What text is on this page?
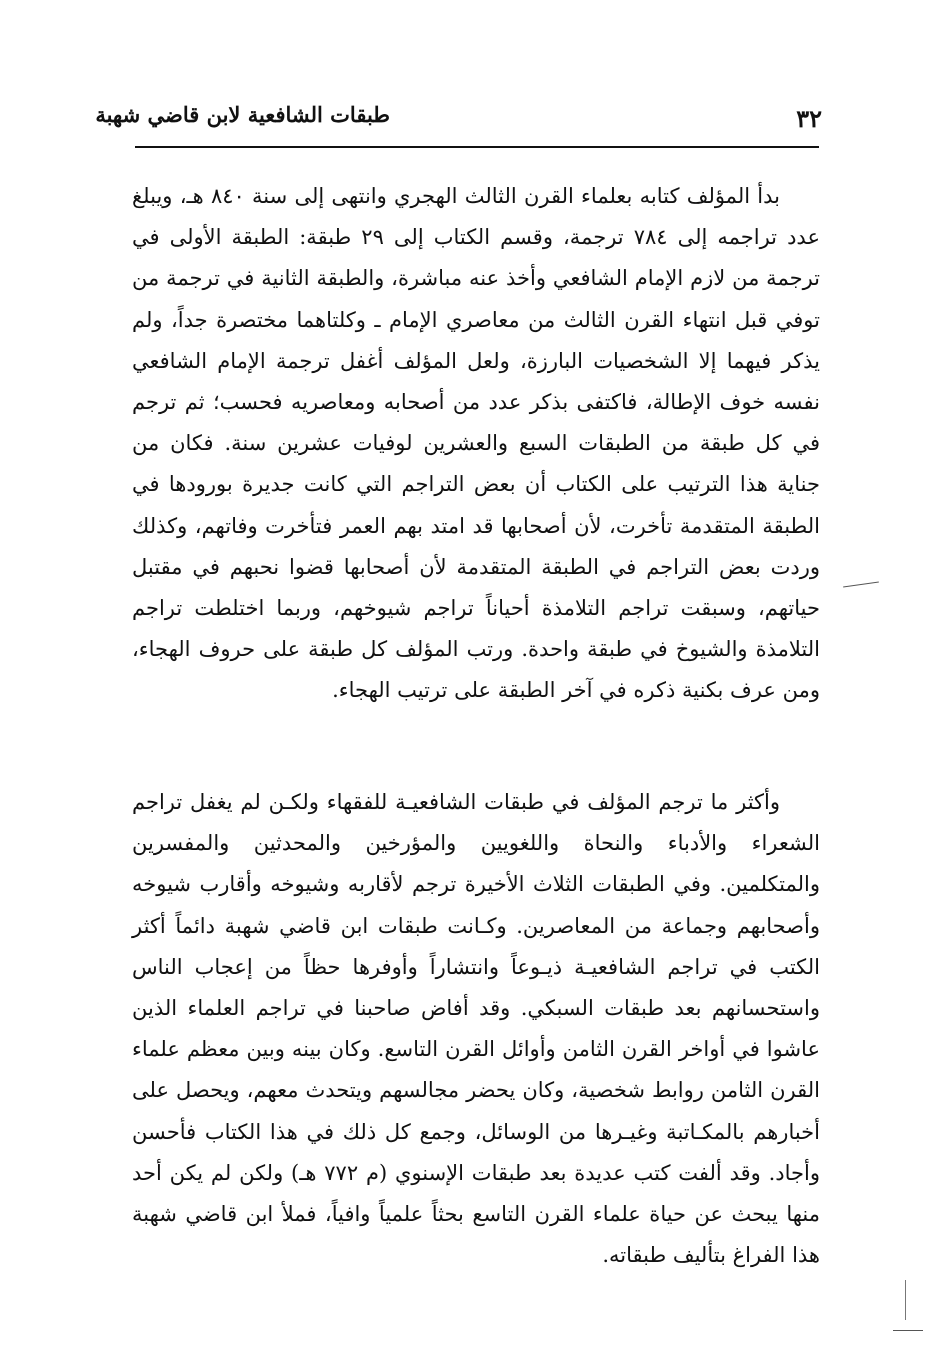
طبقات الشافعية لابن قاضي شهبة	٣٢

بدأ المؤلف كتابه بعلماء القرن الثالث الهجري وانتهى إلى سنة ٨٤٠ هـ، ويبلغ عدد تراجمه إلى ٧٨٤ ترجمة، وقسم الكتاب إلى ٢٩ طبقة: الطبقة الأولى في ترجمة من لازم الإمام الشافعي وأخذ عنه مباشرة، والطبقة الثانية في ترجمة من توفي قبل انتهاء القرن الثالث من معاصري الإمام ـ وكلتاهما مختصرة جداً، ولم يذكر فيهما إلا الشخصيات البارزة، ولعل المؤلف أغفل ترجمة الإمام الشافعي نفسه خوف الإطالة، فاكتفى بذكر عدد من أصحابه ومعاصريه فحسب؛ ثم ترجم في كل طبقة من الطبقات السبع والعشرين لوفيات عشرين سنة. فكان من جناية هذا الترتيب على الكتاب أن بعض التراجم التي كانت جديرة بورودها في الطبقة المتقدمة تأخرت، لأن أصحابها قد امتد بهم العمر فتأخرت وفاتهم، وكذلك وردت بعض التراجم في الطبقة المتقدمة لأن أصحابها قضوا نحبهم في مقتبل حياتهم، وسبقت تراجم التلامذة أحياناً تراجم شيوخهم، وربما اختلطت تراجم التلامذة والشيوخ في طبقة واحدة. ورتب المؤلف كل طبقة على حروف الهجاء، ومن عرف بكنية ذكره في آخر الطبقة على ترتيب الهجاء.

وأكثر ما ترجم المؤلف في طبقات الشافعيـة للفقهاء ولكـن لم يغفل تراجم الشعراء والأدباء والنحاة واللغويين والمؤرخين والمحدثين والمفسرين والمتكلمين. وفي الطبقات الثلاث الأخيرة ترجم لأقاربه وشيوخه وأقارب شيوخه وأصحابهم وجماعة من المعاصرين. وكـانت طبقات ابن قاضي شهبة دائماً أكثر الكتب في تراجم الشافعيـة ذيـوعاً وانتشاراً وأوفرها حظاً من إعجاب الناس واستحسانهم بعد طبقات السبكي. وقد أفاض صاحبنا في تراجم العلماء الذين عاشوا في أواخر القرن الثامن وأوائل القرن التاسع. وكان بينه وبين معظم علماء القرن الثامن روابط شخصية، وكان يحضر مجالسهم ويتحدث معهم، ويحصل على أخبارهم بالمكـاتبة وغيـرها من الوسائل، وجمع كل ذلك في هذا الكتاب فأحسن وأجاد. وقد ألفت كتب عديدة بعد طبقات الإسنوي (م ٧٧٢ هـ) ولكن لم يكن أحد منها يبحث عن حياة علماء القرن التاسع بحثاً علمياً وافياً، فملأ ابن قاضي شهبة هذا الفراغ بتأليف طبقاته.
